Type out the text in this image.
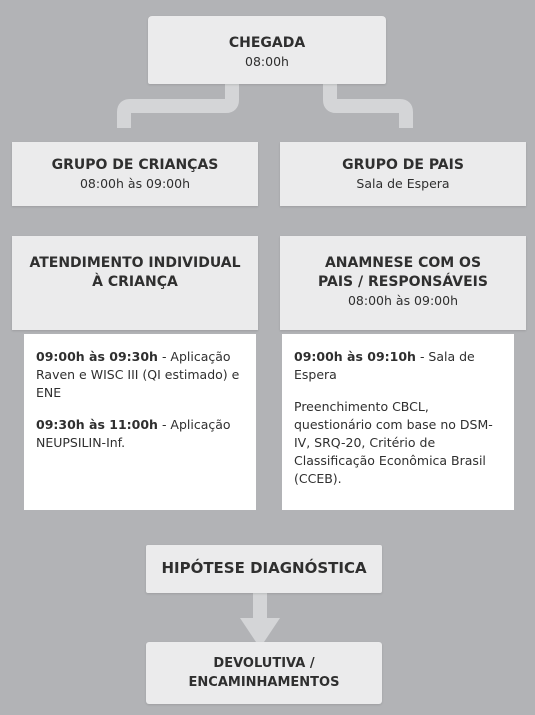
CHEGADA
08:00h
GRUPO DE CRIANÇAS
08:00h às 09:00h
GRUPO DE PAIS
Sala de Espera
ATENDIMENTO INDIVIDUAL
À CRIANÇA
ANAMNESE COM OS
PAIS / RESPONSÁVEIS
08:00h às 09:00h

09:00h às 09:30h - Aplicação Raven e WISC III (QI estimado) e ENE

09:30h às 11:00h - Aplicação NEUPSILIN-Inf.

09:00h às 09:10h - Sala de Espera

Preenchimento CBCL, questionário com base no DSM-IV, SRQ-20, Critério de Classificação Econômica Brasil (CCEB).

HIPÓTESE DIAGNÓSTICA
DEVOLUTIVA /
ENCAMINHAMENTOS
